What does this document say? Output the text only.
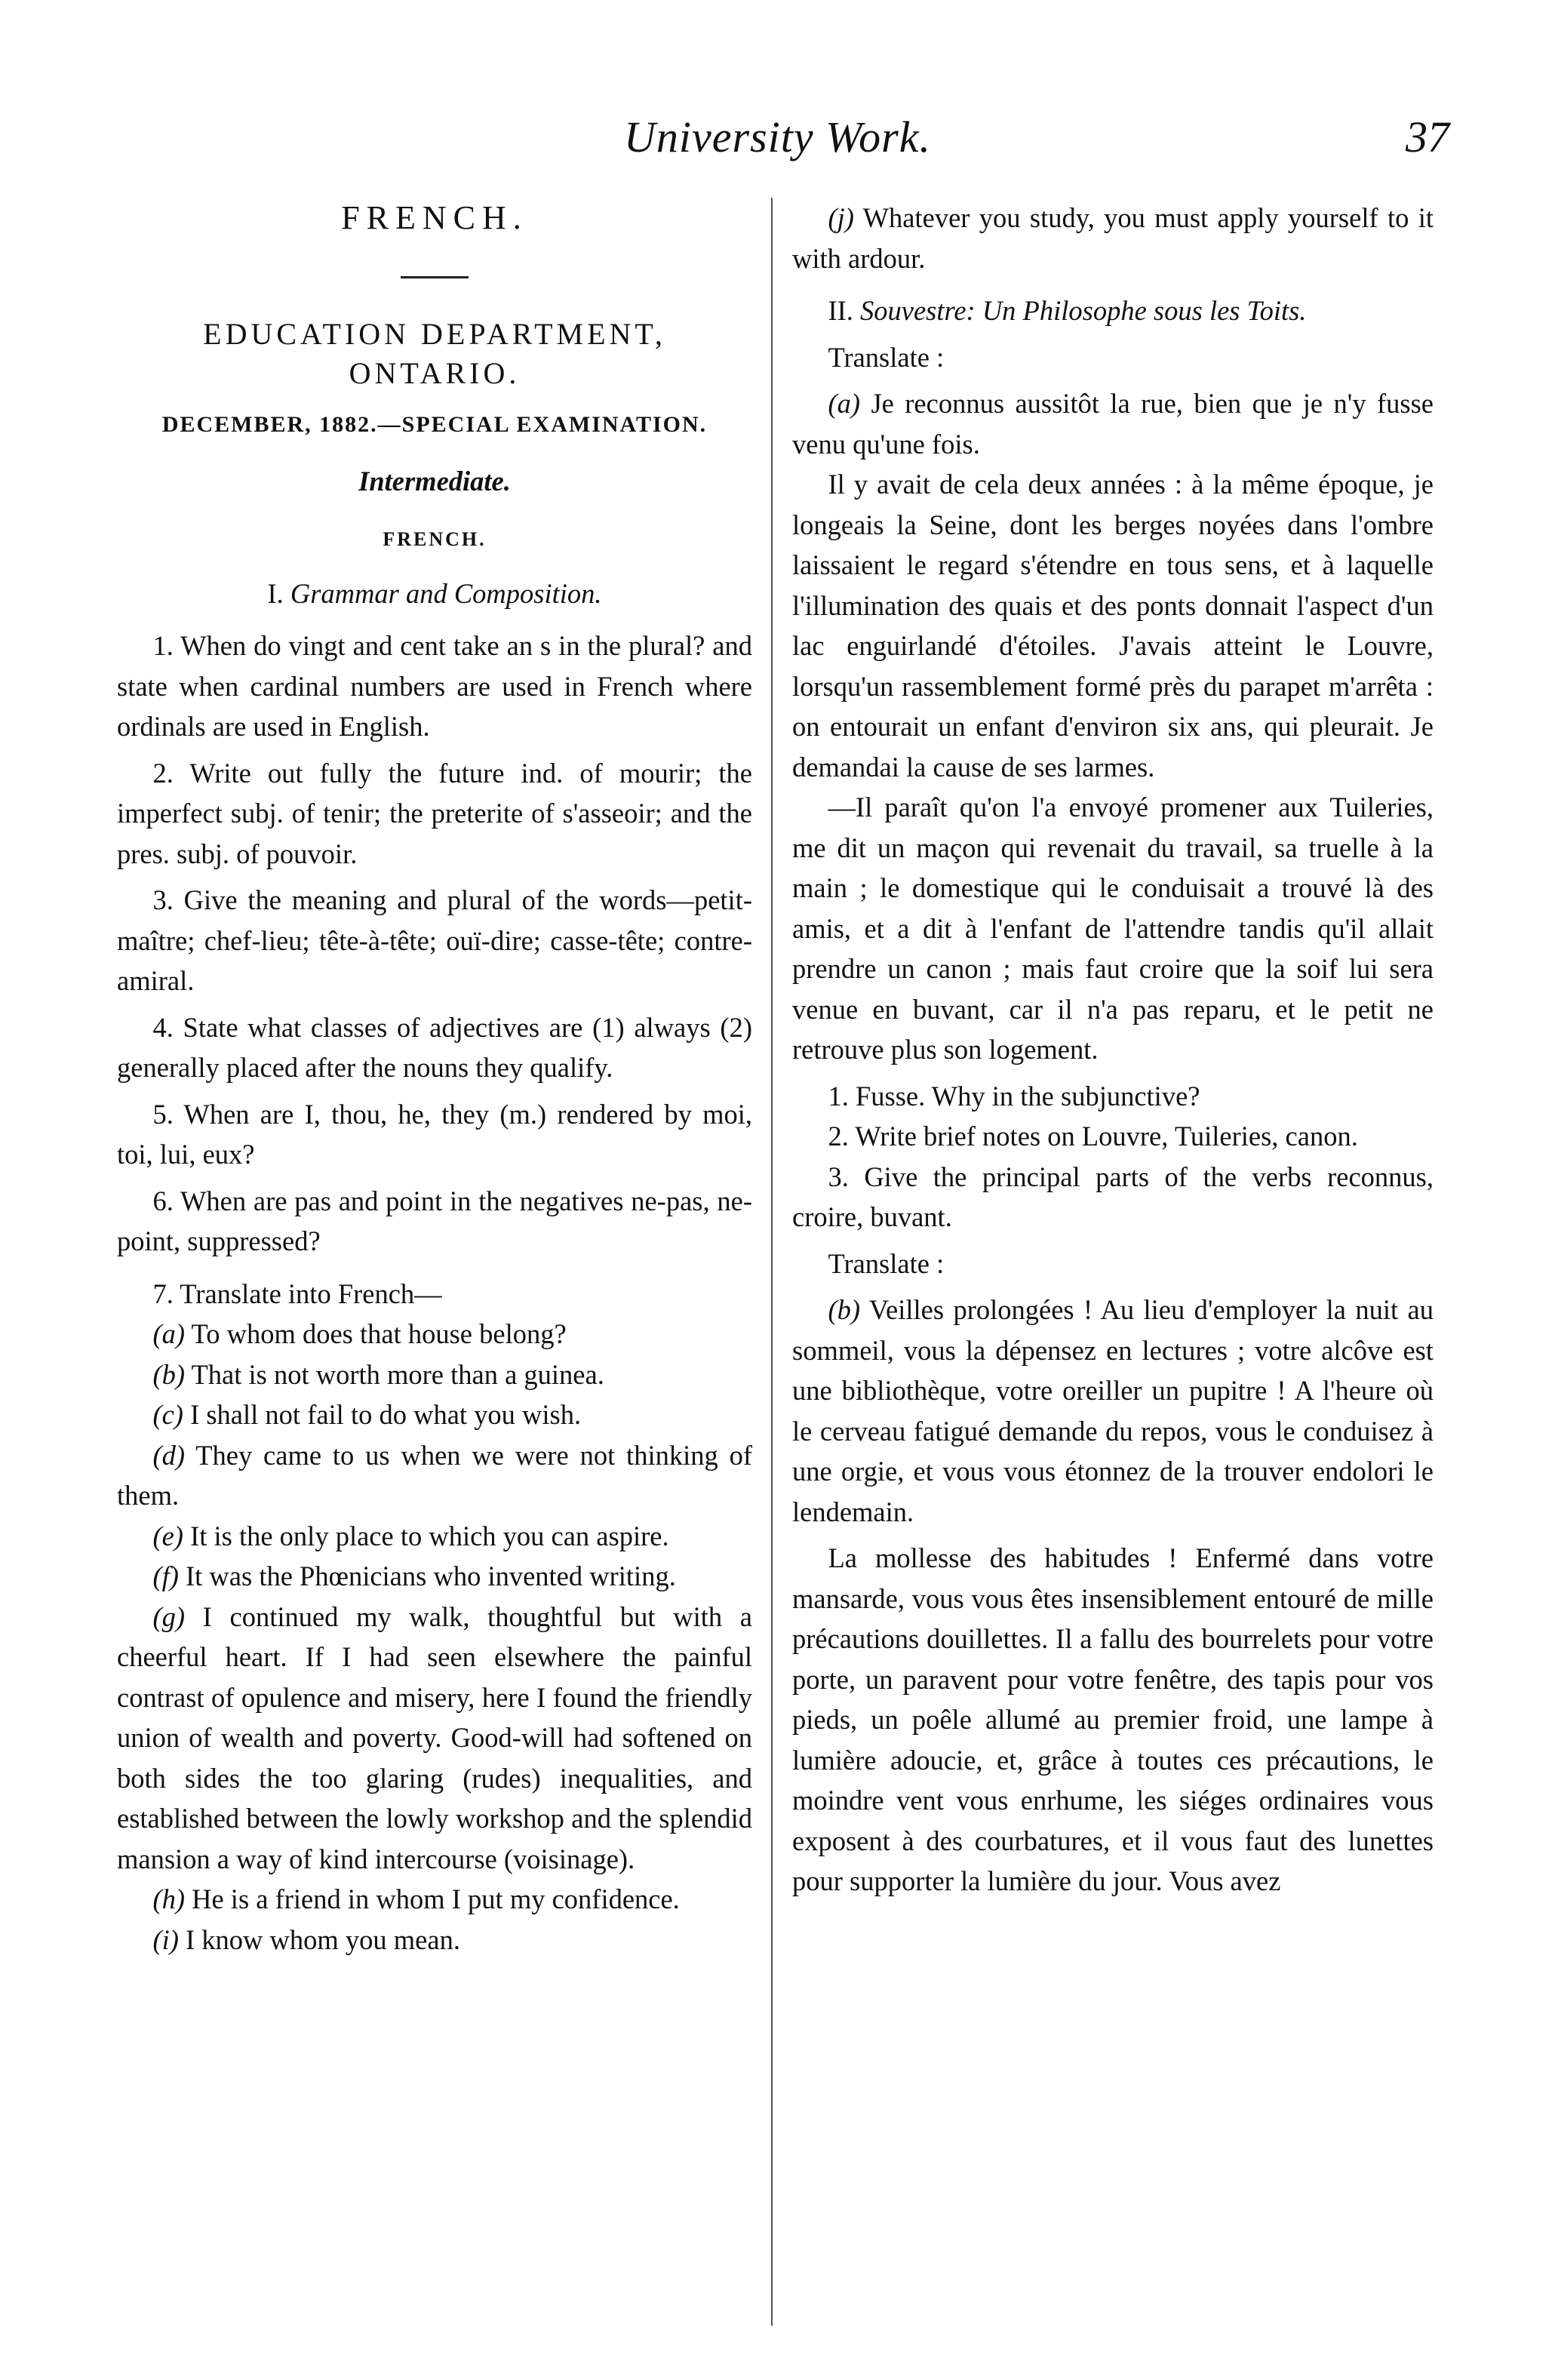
University Work.	37
FRENCH.
EDUCATION DEPARTMENT, ONTARIO.
DECEMBER, 1882.—SPECIAL EXAMINATION.
Intermediate.
FRENCH.
I. Grammar and Composition.

1. When do vingt and cent take an s in the plural? and state when cardinal numbers are used in French where ordinals are used in English.

2. Write out fully the future ind. of mourir; the imperfect subj. of tenir; the preterite of s'asseoir; and the pres. subj. of pouvoir.

3. Give the meaning and plural of the words—petit-maître; chef-lieu; tête-à-tête; ouï-dire; casse-tête; contre-amiral.

4. State what classes of adjectives are (1) always (2) generally placed after the nouns they qualify.

5. When are I, thou, he, they (m.) rendered by moi, toi, lui, eux?

6. When are pas and point in the negatives ne-pas, ne-point, suppressed?

7. Translate into French—

(a) To whom does that house belong?

(b) That is not worth more than a guinea.

(c) I shall not fail to do what you wish.

(d) They came to us when we were not thinking of them.

(e) It is the only place to which you can aspire.

(f) It was the Phœnicians who invented writing.

(g) I continued my walk, thoughtful but with a cheerful heart. If I had seen elsewhere the painful contrast of opulence and misery, here I found the friendly union of wealth and poverty. Good-will had softened on both sides the too glaring (rudes) inequalities, and established between the lowly workshop and the splendid mansion a way of kind intercourse (voisinage).

(h) He is a friend in whom I put my confidence.

(i) I know whom you mean.

(j) Whatever you study, you must apply yourself to it with ardour.

II. Souvestre: Un Philosophe sous les Toits.

Translate :

(a) Je reconnus aussitôt la rue, bien que je n'y fusse venu qu'une fois.

Il y avait de cela deux années : à la même époque, je longeais la Seine, dont les berges noyées dans l'ombre laissaient le regard s'étendre en tous sens, et à laquelle l'illumination des quais et des ponts donnait l'aspect d'un lac enguirlandé d'étoiles. J'avais atteint le Louvre, lorsqu'un rassemblement formé près du parapet m'arrêta : on entourait un enfant d'environ six ans, qui pleurait. Je demandai la cause de ses larmes.

—Il paraît qu'on l'a envoyé promener aux Tuileries, me dit un maçon qui revenait du travail, sa truelle à la main ; le domestique qui le conduisait a trouvé là des amis, et a dit à l'enfant de l'attendre tandis qu'il allait prendre un canon ; mais faut croire que la soif lui sera venue en buvant, car il n'a pas reparu, et le petit ne retrouve plus son logement.

1. Fusse. Why in the subjunctive?

2. Write brief notes on Louvre, Tuileries, canon.

3. Give the principal parts of the verbs reconnus, croire, buvant.

Translate :

(b) Veilles prolongées ! Au lieu d'employer la nuit au sommeil, vous la dépensez en lectures ; votre alcôve est une bibliothèque, votre oreiller un pupitre ! A l'heure où le cerveau fatigué demande du repos, vous le conduisez à une orgie, et vous vous étonnez de la trouver endolori le lendemain.

La mollesse des habitudes ! Enfermé dans votre mansarde, vous vous êtes insensiblement entouré de mille précautions douillettes. Il a fallu des bourrelets pour votre porte, un paravent pour votre fenêtre, des tapis pour vos pieds, un poêle allumé au premier froid, une lampe à lumière adoucie, et, grâce à toutes ces précautions, le moindre vent vous enrhume, les siéges ordinaires vous exposent à des courbatures, et il vous faut des lunettes pour supporter la lumière du jour. Vous avez
